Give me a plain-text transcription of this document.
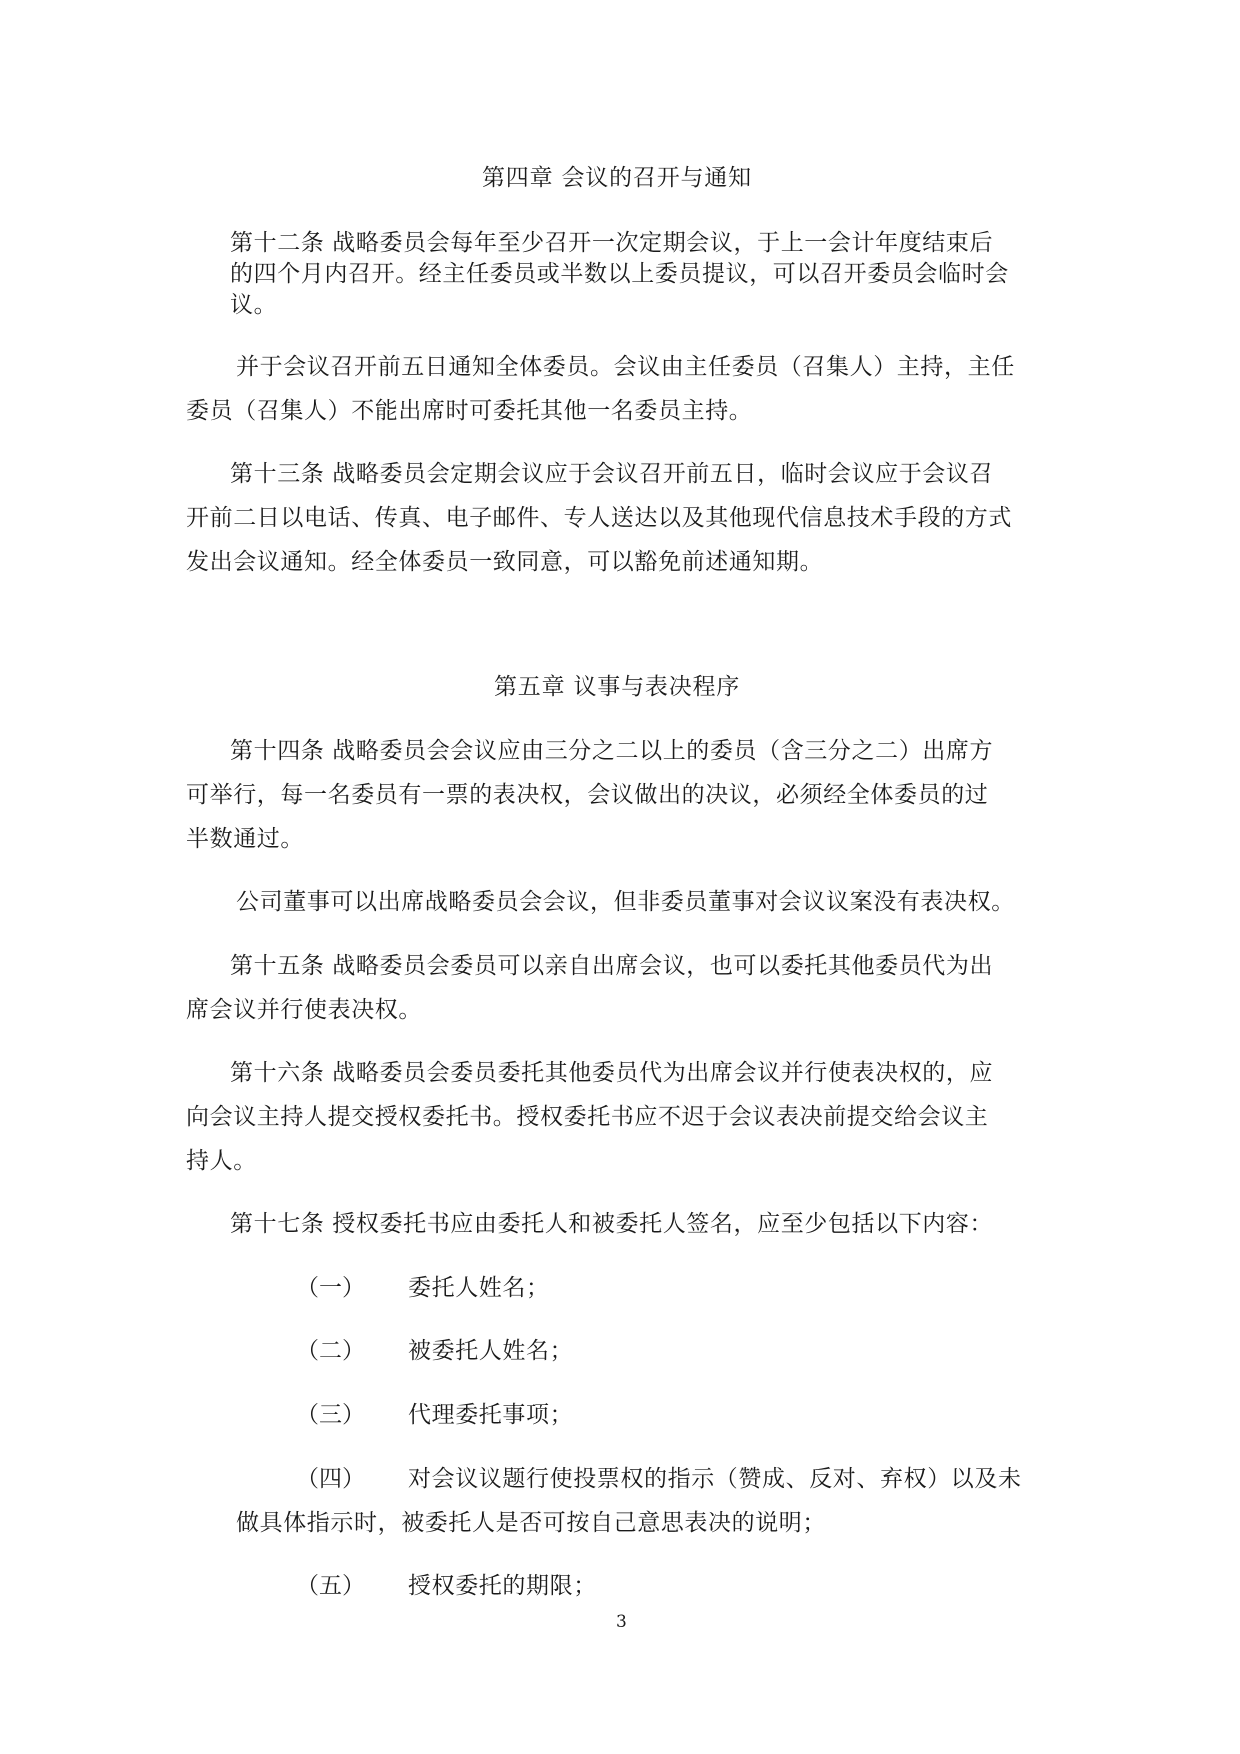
第四章 会议的召开与通知
第十二条 战略委员会每年至少召开一次定期会议，于上一会计年度结束后
的四个月内召开。经主任委员或半数以上委员提议，可以召开委员会临时会
议。
并于会议召开前五日通知全体委员。会议由主任委员（召集人）主持，主任
委员（召集人）不能出席时可委托其他一名委员主持。
第十三条 战略委员会定期会议应于会议召开前五日，临时会议应于会议召
开前二日以电话、传真、电子邮件、专人送达以及其他现代信息技术手段的方式
发出会议通知。经全体委员一致同意，可以豁免前述通知期。
第五章 议事与表决程序
第十四条 战略委员会会议应由三分之二以上的委员（含三分之二）出席方
可举行，每一名委员有一票的表决权，会议做出的决议，必须经全体委员的过
半数通过。
公司董事可以出席战略委员会会议，但非委员董事对会议议案没有表决权。
第十五条 战略委员会委员可以亲自出席会议，也可以委托其他委员代为出
席会议并行使表决权。
第十六条 战略委员会委员委托其他委员代为出席会议并行使表决权的，应
向会议主持人提交授权委托书。授权委托书应不迟于会议表决前提交给会议主
持人。
第十七条 授权委托书应由委托人和被委托人签名，应至少包括以下内容：
（一） 委托人姓名；
（二） 被委托人姓名；
（三） 代理委托事项；
（四） 对会议议题行使投票权的指示（赞成、反对、弃权）以及未
做具体指示时，被委托人是否可按自己意思表决的说明；
（五） 授权委托的期限；
3
